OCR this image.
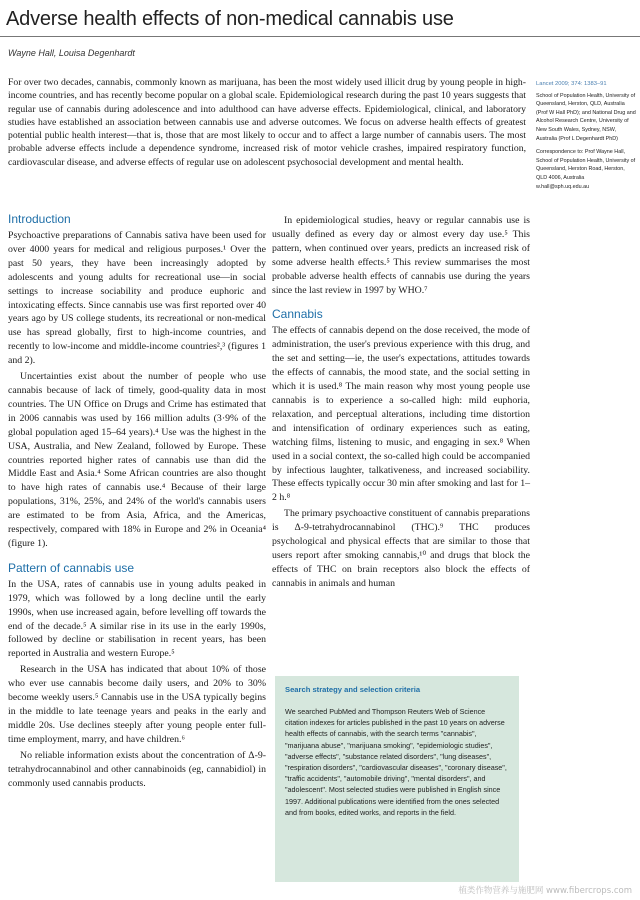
Adverse health effects of non-medical cannabis use
Wayne Hall, Louisa Degenhardt
For over two decades, cannabis, commonly known as marijuana, has been the most widely used illicit drug by young people in high-income countries, and has recently become popular on a global scale. Epidemiological research during the past 10 years suggests that regular use of cannabis during adolescence and into adulthood can have adverse effects. Epidemiological, clinical, and laboratory studies have established an association between cannabis use and adverse outcomes. We focus on adverse health effects of greatest potential public health interest—that is, those that are most likely to occur and to affect a large number of cannabis users. The most probable adverse effects include a dependence syndrome, increased risk of motor vehicle crashes, impaired respiratory function, cardiovascular disease, and adverse effects of regular use on adolescent psychosocial development and mental health.

Lancet 2009; 374: 1383–91

School of Population Health, University of Queensland, Herston, QLD, Australia (Prof W Hall PhD); and National Drug and Alcohol Research Centre, University of New South Wales, Sydney, NSW, Australia (Prof L Degenhardt PhD)

Correspondence to: Prof Wayne Hall, School of Population Health, University of Queensland, Herston Road, Herston, QLD 4006, Australia w.hall@sph.uq.edu.au

Introduction

Psychoactive preparations of Cannabis sativa have been used for over 4000 years for medical and religious purposes.¹ Over the past 50 years, they have been increasingly adopted by adolescents and young adults for recreational use—in social settings to increase sociability and produce euphoric and intoxicating effects. Since cannabis use was first reported over 40 years ago by US college students, its recreational or non-medical use has spread globally, first to high-income countries, and recently to low-income and middle-income countries²,³ (figures 1 and 2).

Uncertainties exist about the number of people who use cannabis because of lack of timely, good-quality data in most countries. The UN Office on Drugs and Crime has estimated that in 2006 cannabis was used by 166 million adults (3·9% of the global population aged 15–64 years).⁴ Use was the highest in the USA, Australia, and New Zealand, followed by Europe. These countries reported higher rates of cannabis use than did the Middle East and Asia.⁴ Some African countries are also thought to have high rates of cannabis use.⁴ Because of their large populations, 31%, 25%, and 24% of the world's cannabis users are estimated to be from Asia, Africa, and the Americas, respectively, compared with 18% in Europe and 2% in Oceania⁴ (figure 1).

Pattern of cannabis use

In the USA, rates of cannabis use in young adults peaked in 1979, which was followed by a long decline until the early 1990s, when use increased again, before levelling off towards the end of the decade.⁵ A similar rise in its use in the early 1990s, followed by decline or stabilisation in recent years, has been reported in Australia and western Europe.⁵

Research in the USA has indicated that about 10% of those who ever use cannabis become daily users, and 20% to 30% become weekly users.⁵ Cannabis use in the USA typically begins in the middle to late teenage years and peaks in the early and middle 20s. Use declines steeply after young people enter full-time employment, marry, and have children.⁶

No reliable information exists about the concentration of Δ-9-tetrahydrocannabinol and other cannabinoids (eg, cannabidiol) in commonly used cannabis products.

In epidemiological studies, heavy or regular cannabis use is usually defined as every day or almost every day use.⁵ This pattern, when continued over years, predicts an increased risk of some adverse health effects.⁵ This review summarises the most probable adverse health effects of cannabis use during the years since the last review in 1997 by WHO.⁷

Cannabis

The effects of cannabis depend on the dose received, the mode of administration, the user's previous experience with this drug, and the set and setting—ie, the user's expectations, attitudes towards the effects of cannabis, the mood state, and the social setting in which it is used.⁸ The main reason why most young people use cannabis is to experience a so-called high: mild euphoria, relaxation, and perceptual alterations, including time distortion and intensification of ordinary experiences such as eating, watching films, listening to music, and engaging in sex.⁸ When used in a social context, the so-called high could be accompanied by infectious laughter, talkativeness, and increased sociability. These effects typically occur 30 min after smoking and last for 1–2 h.⁸

The primary psychoactive constituent of cannabis preparations is Δ-9-tetrahydrocannabinol (THC).⁹ THC produces psychological and physical effects that are similar to those that users report after smoking cannabis,¹⁰ and drugs that block the effects of THC on brain receptors also block the effects of cannabis in animals and human

Search strategy and selection criteria
We searched PubMed and Thompson Reuters Web of Science citation indexes for articles published in the past 10 years on adverse health effects of cannabis, with the search terms "cannabis", "marijuana abuse", "marijuana smoking", "epidemiologic studies", "adverse effects", "substance related disorders", "lung diseases", "respiration disorders", "cardiovascular diseases", "coronary disease", "traffic accidents", "automobile driving", "mental disorders", and "adolescent". Most selected studies were published in English since 1997. Additional publications were identified from the ones selected and from books, edited works, and reports in the field.
植类作物营养与施肥网 www.fibercrops.com
